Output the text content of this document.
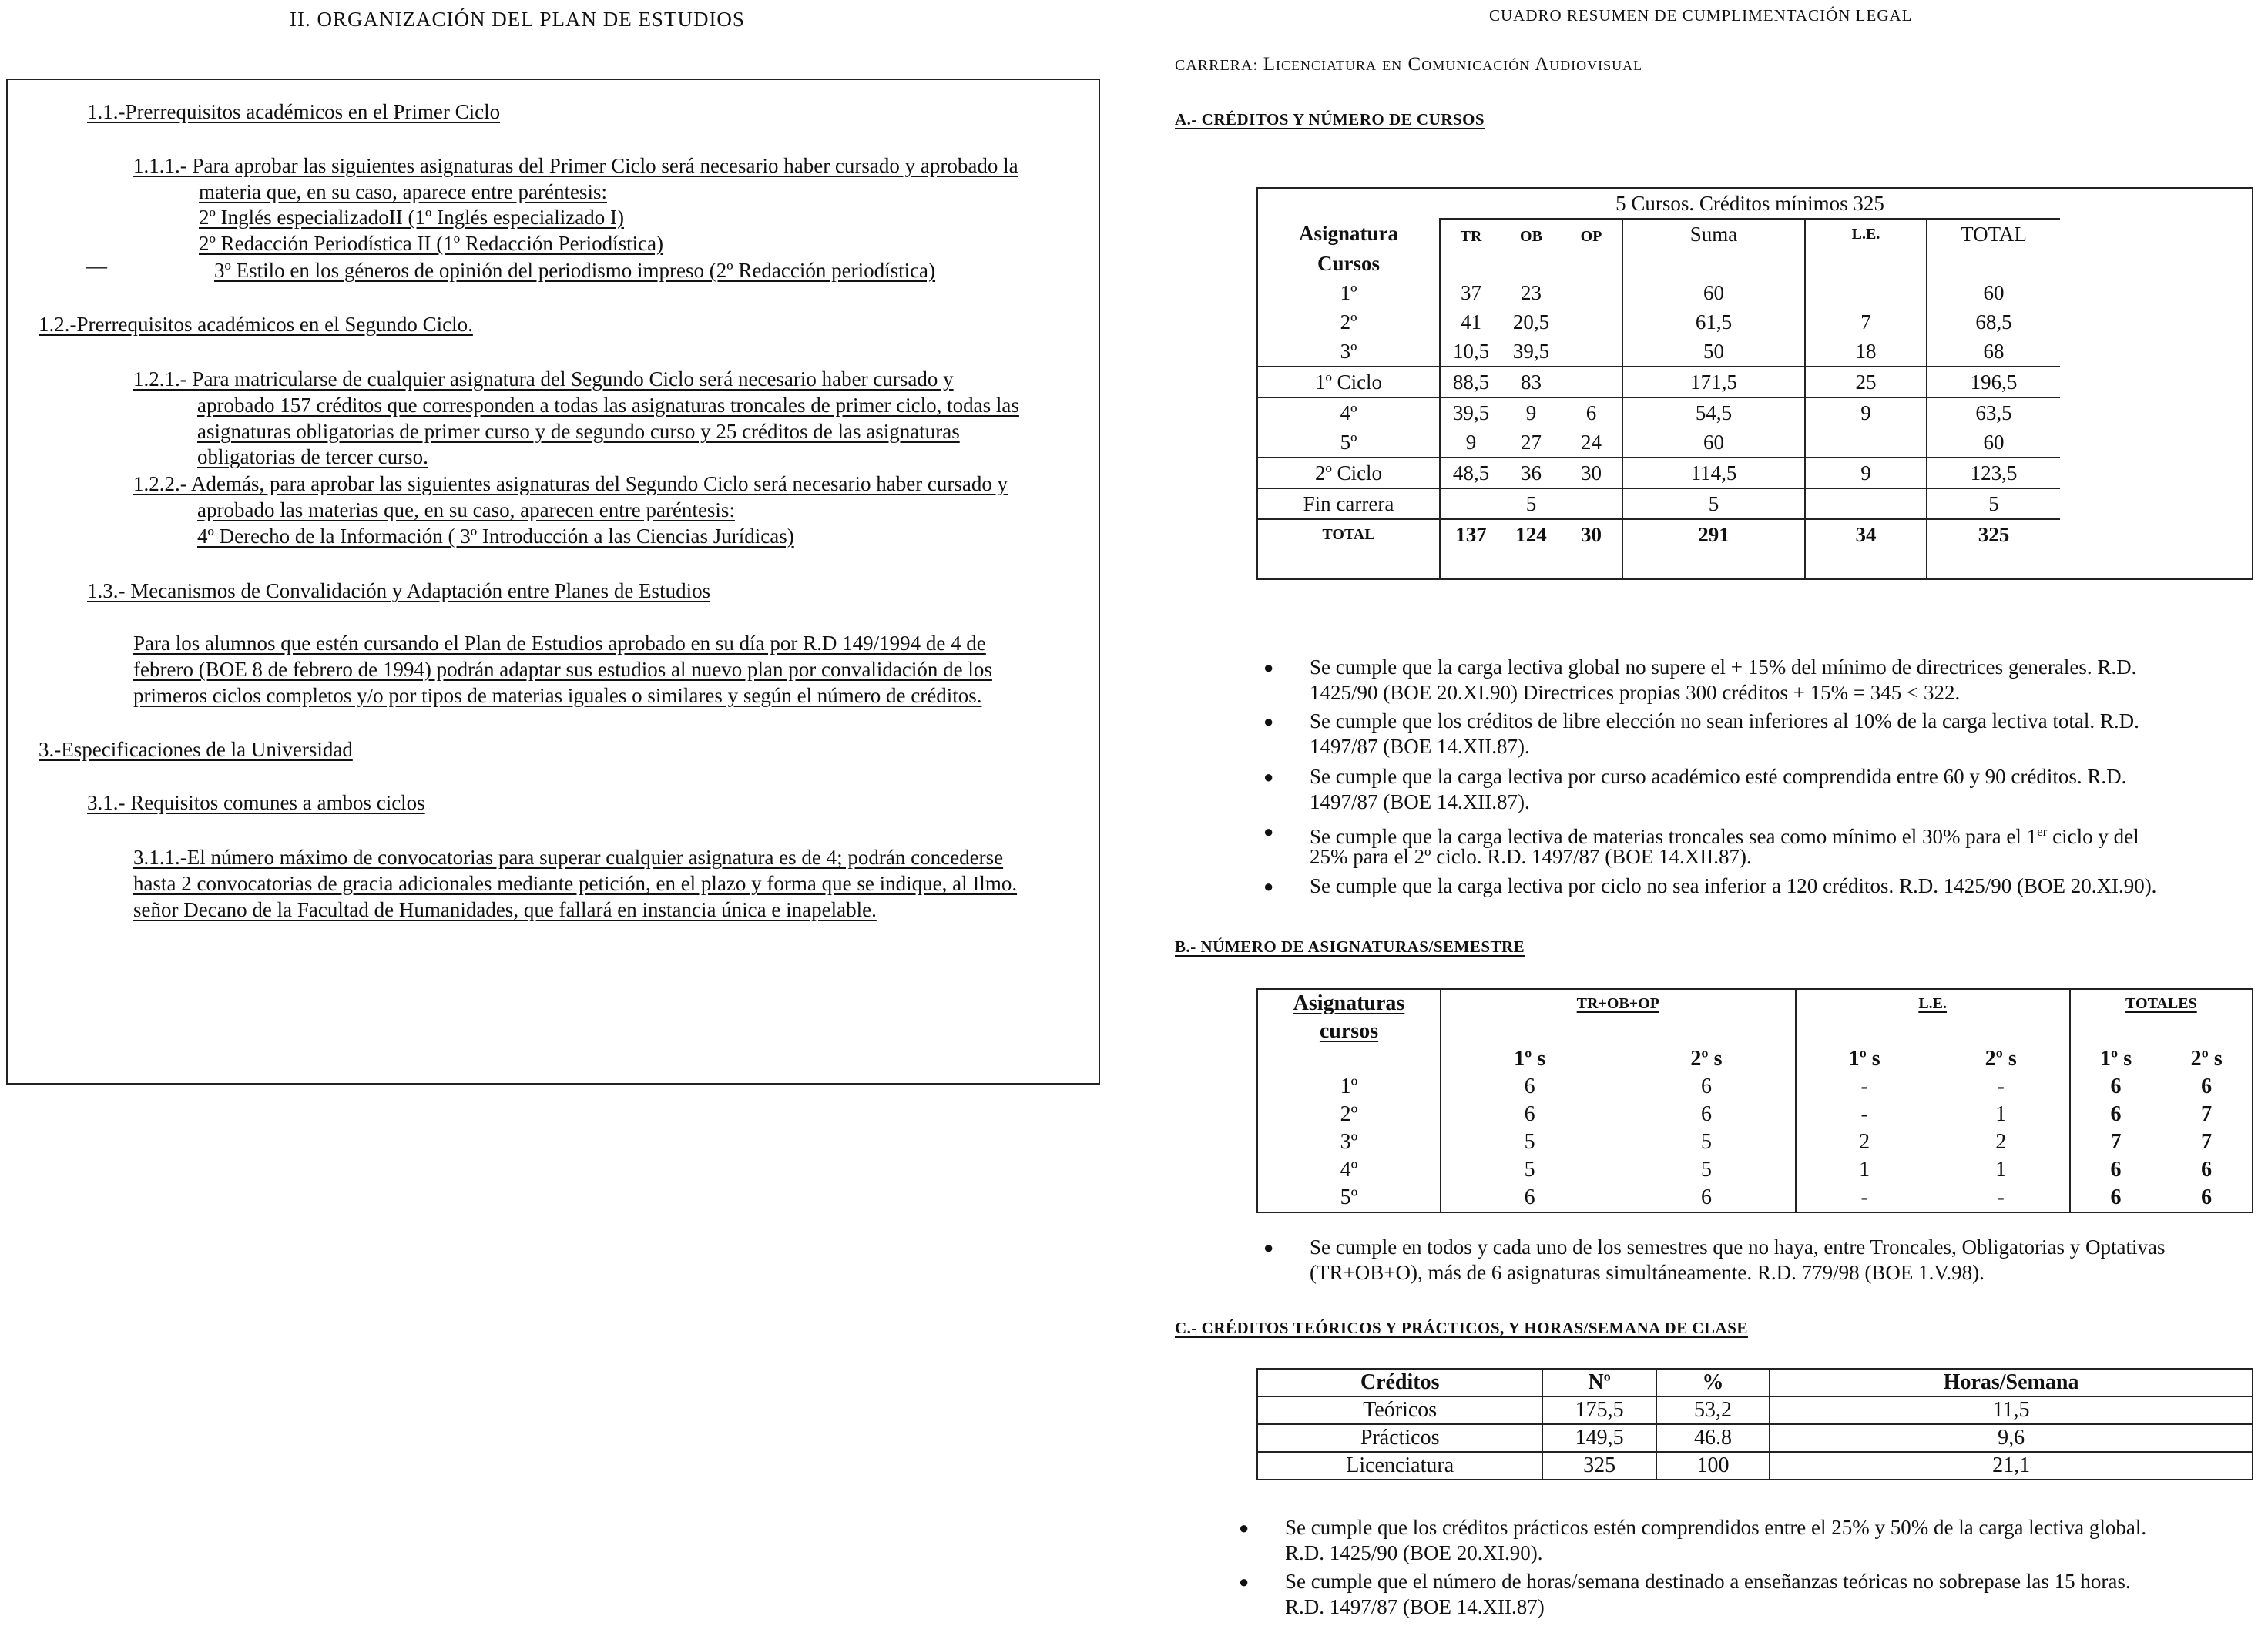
II. ORGANIZACIÓN DEL PLAN DE ESTUDIOS
1.1.-Prerrequisitos académicos en el Primer Ciclo
1.1.1.- Para aprobar las siguientes asignaturas del Primer Ciclo será necesario haber cursado y aprobado la
materia que, en su caso, aparece entre paréntesis:
2º Inglés especializadoII (1º Inglés especializado I)
2º Redacción Periodística II (1º Redacción Periodística)
—	3º Estilo en los géneros de opinión del periodismo impreso (2º Redacción periodística)
1.2.-Prerrequisitos académicos en el Segundo Ciclo.
1.2.1.- Para matricularse de cualquier asignatura del Segundo Ciclo será necesario haber cursado y
aprobado 157 créditos que corresponden a todas las asignaturas troncales de primer ciclo, todas las
asignaturas obligatorias de primer curso y de segundo curso y 25 créditos de las asignaturas
obligatorias de tercer curso.
1.2.2.- Además, para aprobar las siguientes asignaturas del Segundo Ciclo será necesario haber cursado y
aprobado las materias que, en su caso, aparecen entre paréntesis:
4º Derecho de la Información ( 3º Introducción a las Ciencias Jurídicas)
1.3.- Mecanismos de Convalidación y Adaptación entre Planes de Estudios
Para los alumnos que estén cursando el Plan de Estudios aprobado en su día por R.D 149/1994 de 4 de
febrero (BOE 8 de febrero de 1994) podrán adaptar sus estudios al nuevo plan por convalidación de los
primeros ciclos completos y/o por tipos de materias iguales o similares y según el número de créditos.
3.-Especificaciones de la Universidad
3.1.- Requisitos comunes a ambos ciclos
3.1.1.-El número máximo de convocatorias para superar cualquier asignatura es de 4; podrán concederse
hasta 2 convocatorias de gracia adicionales mediante petición, en el plazo y forma que se indique, al Ilmo.
señor Decano de la Facultad de Humanidades, que fallará en instancia única e inapelable.
CUADRO RESUMEN DE CUMPLIMENTACIÓN LEGAL
CARRERA: Licenciatura en Comunicación Audiovisual
A.- CRÉDITOS Y NÚMERO DE CURSOS
	5 Cursos. Créditos mínimos 325				
Asignatura	TR OB OP	Suma	L.E.	TOTAL	
Cursos					
1º	37 23	60		60	
2º	41 20,5	61,5	7	68,5	
3º	10,5 39,5	50	18	68	
1º Ciclo	88,5 83	171,5	25	196,5	
4º	39,5 9 6	54,5	9	63,5	
5º	9 27 24	60		60	
2º Ciclo	48,5 36 30	114,5	9	123,5	
Fin carrera	5	5		5	
TOTAL	137 124 30	291	34	325	

● Se cumple que la carga lectiva global no supere el + 15% del mínimo de directrices generales. R.D.
1425/90 (BOE 20.XI.90) Directrices propias 300 créditos + 15% = 345 < 322.
● Se cumple que los créditos de libre elección no sean inferiores al 10% de la carga lectiva total. R.D.
1497/87 (BOE 14.XII.87).
● Se cumple que la carga lectiva por curso académico esté comprendida entre 60 y 90 créditos. R.D.
1497/87 (BOE 14.XII.87).
● Se cumple que la carga lectiva de materias troncales sea como mínimo el 30% para el 1er ciclo y del
25% para el 2º ciclo. R.D. 1497/87 (BOE 14.XII.87).
● Se cumple que la carga lectiva por ciclo no sea inferior a 120 créditos. R.D. 1425/90 (BOE 20.XI.90).
B.- NÚMERO DE ASIGNATURAS/SEMESTRE
Asignaturas	TR+OB+OP		L.E.		TOTALES	
cursos						
	1º s	2º s	1º s	2º s	1º s	2º s
1º	6	6	-	-	6	6
2º	6	6	-	1	6	7
3º	5	5	2	2	7	7
4º	5	5	1	1	6	6
5º	6	6	-	-	6	6
● Se cumple en todos y cada uno de los semestres que no haya, entre Troncales, Obligatorias y Optativas
(TR+OB+O), más de 6 asignaturas simultáneamente. R.D. 779/98 (BOE 1.V.98).
C.- CRÉDITOS TEÓRICOS Y PRÁCTICOS, Y HORAS/SEMANA DE CLASE
Créditos	Nº	%	Horas/Semana
Teóricos	175,5	53,2	11,5
Prácticos	149,5	46.8	9,6
Licenciatura	325	100	21,1
● Se cumple que los créditos prácticos estén comprendidos entre el 25% y 50% de la carga lectiva global.
R.D. 1425/90 (BOE 20.XI.90).
● Se cumple que el número de horas/semana destinado a enseñanzas teóricas no sobrepase las 15 horas.
R.D. 1497/87 (BOE 14.XII.87)
